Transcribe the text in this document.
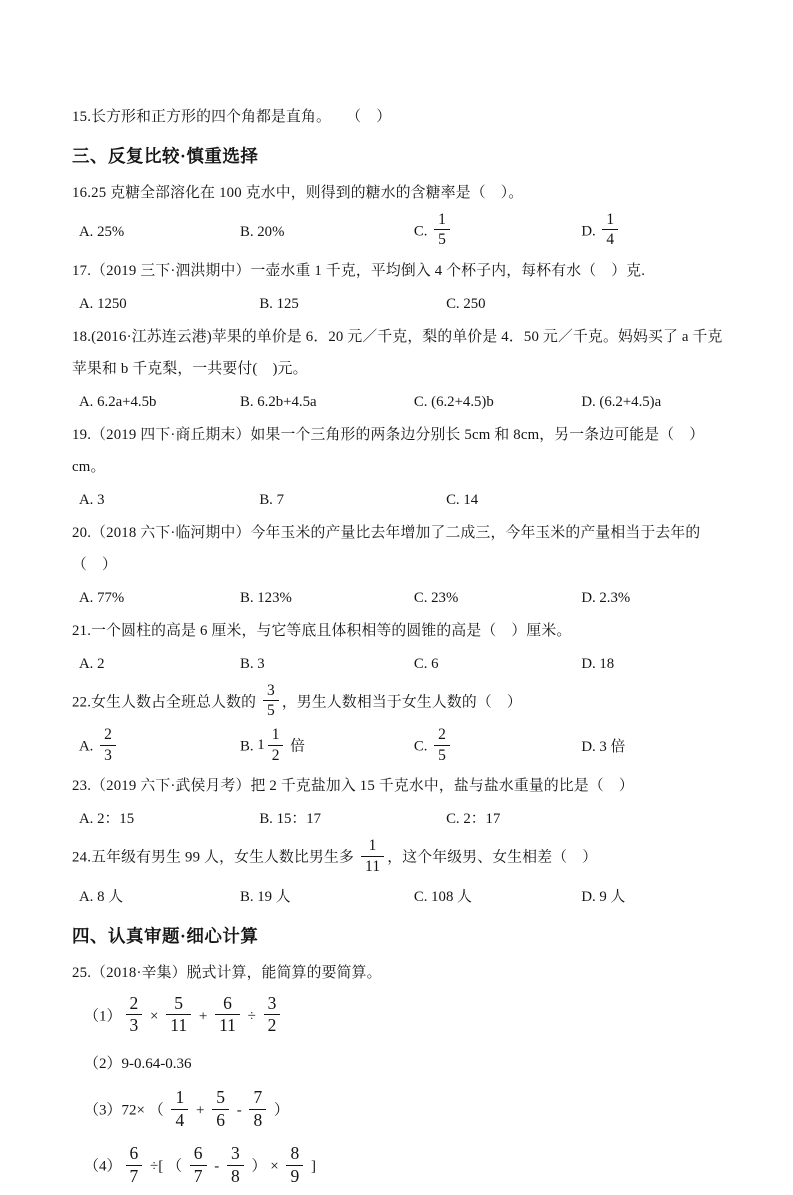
15.长方形和正方形的四个角都是直角。　　（　）

三、反复比较·慎重选择

16.25 克糖全部溶化在 100 克水中，则得到的糖水的含糖率是（　）。

A. 25%	B. 20%	C. $\frac{1}{5}$	D. $\frac{1}{4}$

17.（2019 三下·泗洪期中）一壶水重 1 千克，平均倒入 4 个杯子内，每杯有水（　）克.

A. 1250	B. 125	C. 250

18.(2016·江苏连云港)苹果的单价是 6．20 元／千克，梨的单价是 4．50 元／千克。妈妈买了 a 千克苹果和 b 千克梨，一共要付(　)元。

A. 6.2a+4.5b	B. 6.2b+4.5a	C. (6.2+4.5)b	D. (6.2+4.5)a

19.（2019 四下·商丘期末）如果一个三角形的两条边分别长 5cm 和 8cm，另一条边可能是（　）cm。

A. 3	B. 7	C. 14

20.（2018 六下·临河期中）今年玉米的产量比去年增加了二成三，今年玉米的产量相当于去年的（　）

A. 77%	B. 123%	C. 23%	D. 2.3%

21.一个圆柱的高是 6 厘米，与它等底且体积相等的圆锥的高是（　）厘米。

A. 2	B. 3	C. 6	D. 18

22.女生人数占全班总人数的 $\frac{3}{5}$ ，男生人数相当于女生人数的（　）

A. $\frac{2}{3}$	B. $1 \frac{1}{2}$ 倍	C. $\frac{2}{5}$	D. 3 倍

23.（2019 六下·武侯月考）把 2 千克盐加入 15 千克水中，盐与盐水重量的比是（　）

A. 2：15	B. 15：17	C. 2：17

24.五年级有男生 99 人，女生人数比男生多 $\frac{1}{11}$ ，这个年级男、女生相差（　）

A. 8 人	B. 19 人	C. 108 人	D. 9 人
四、认真审题·细心计算

25.（2018·辛集）脱式计算，能简算的要简算。

$(1) \frac{2}{3} \times \frac{5}{11} + \frac{6}{11} \div \frac{3}{2}$

（2）9-0.64-0.36

（3）72× （ $\frac{1}{4} + \frac{5}{6} - \frac{7}{8}$ ）

$(4) \frac{6}{7}$ ÷[ （ $\frac{6}{7} - \frac{3}{8}$ ） × $\frac{8}{9}$ ]
